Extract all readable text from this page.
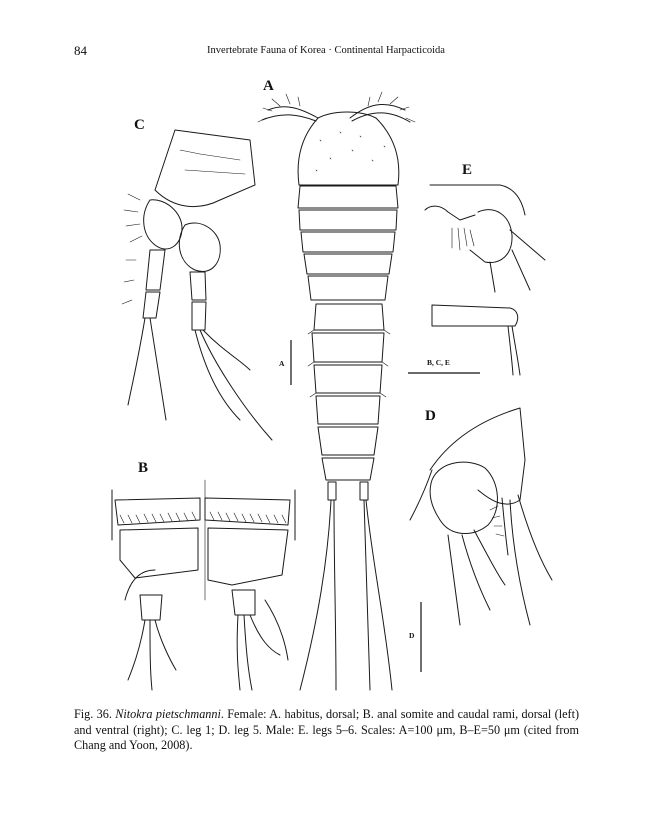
84	Invertebrate Fauna of Korea · Continental Harpacticoida
A
C
E
D
B
A	B, C, E
D
Fig. 36. Nitokra pietschmanni. Female: A. habitus, dorsal; B. anal somite and caudal rami, dorsal (left) and ventral (right); C. leg 1; D. leg 5. Male: E. legs 5–6. Scales: A=100 μm, B–E=50 μm (cited from Chang and Yoon, 2008).
